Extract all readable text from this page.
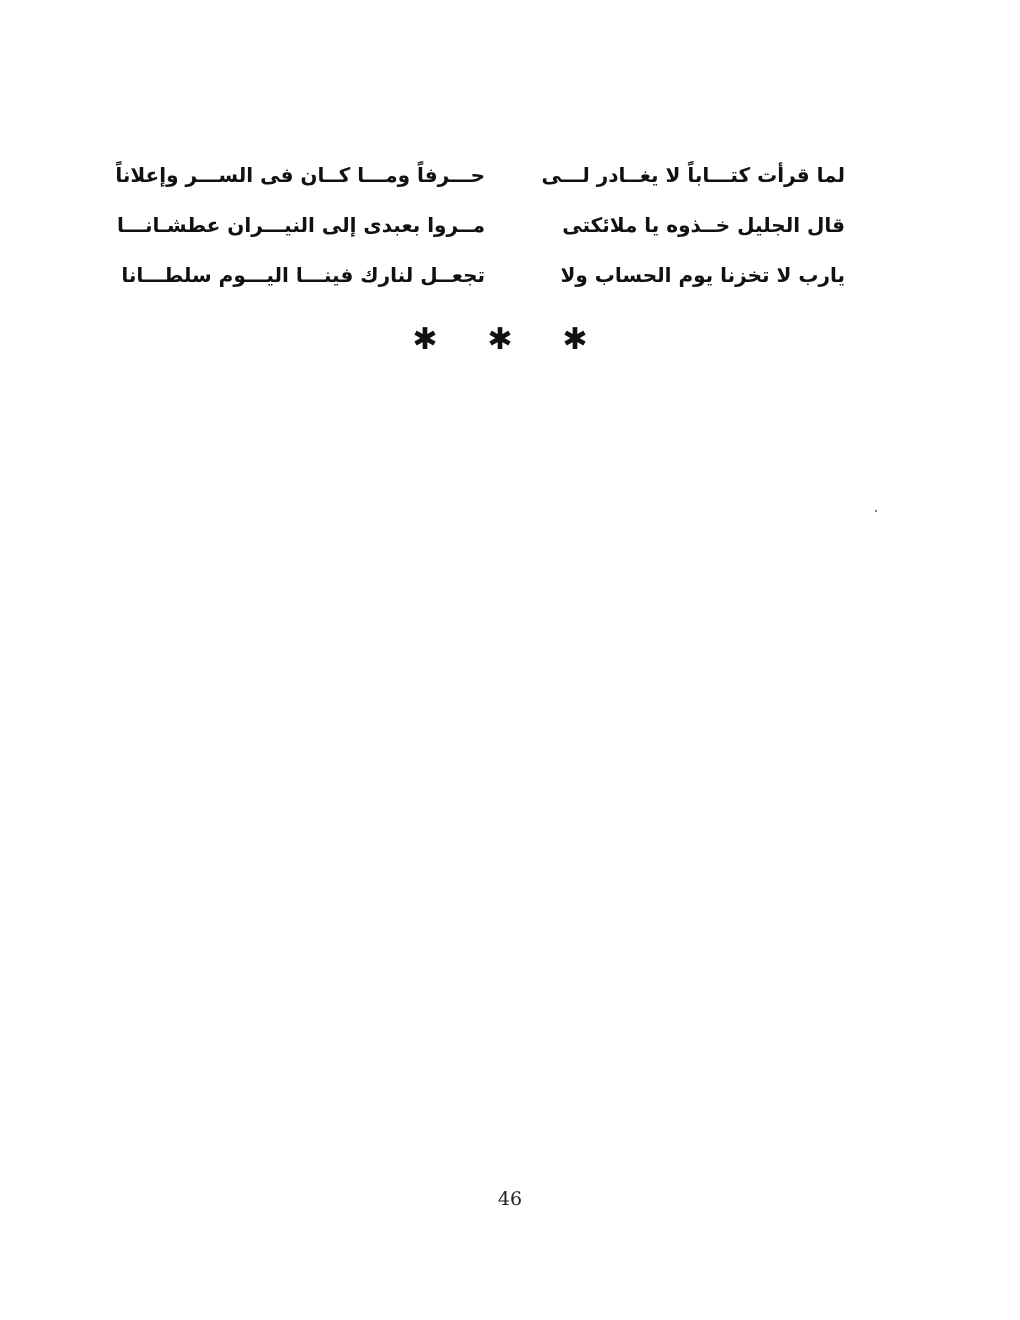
لما قرأت كتـــاباً لا يغــادر لـــى
حـــرفاً ومـــا كــان فى الســـر وإعلاناً
قال الجليل خــذوه يا ملائكتى
مــروا بعبدى إلى النيـــران عطشـانـــا
يارب لا تخزنا يوم الحساب ولا
تجعــل لنارك فينـــا اليـــوم سلطـــانا
✱ ✱ ✱
46
